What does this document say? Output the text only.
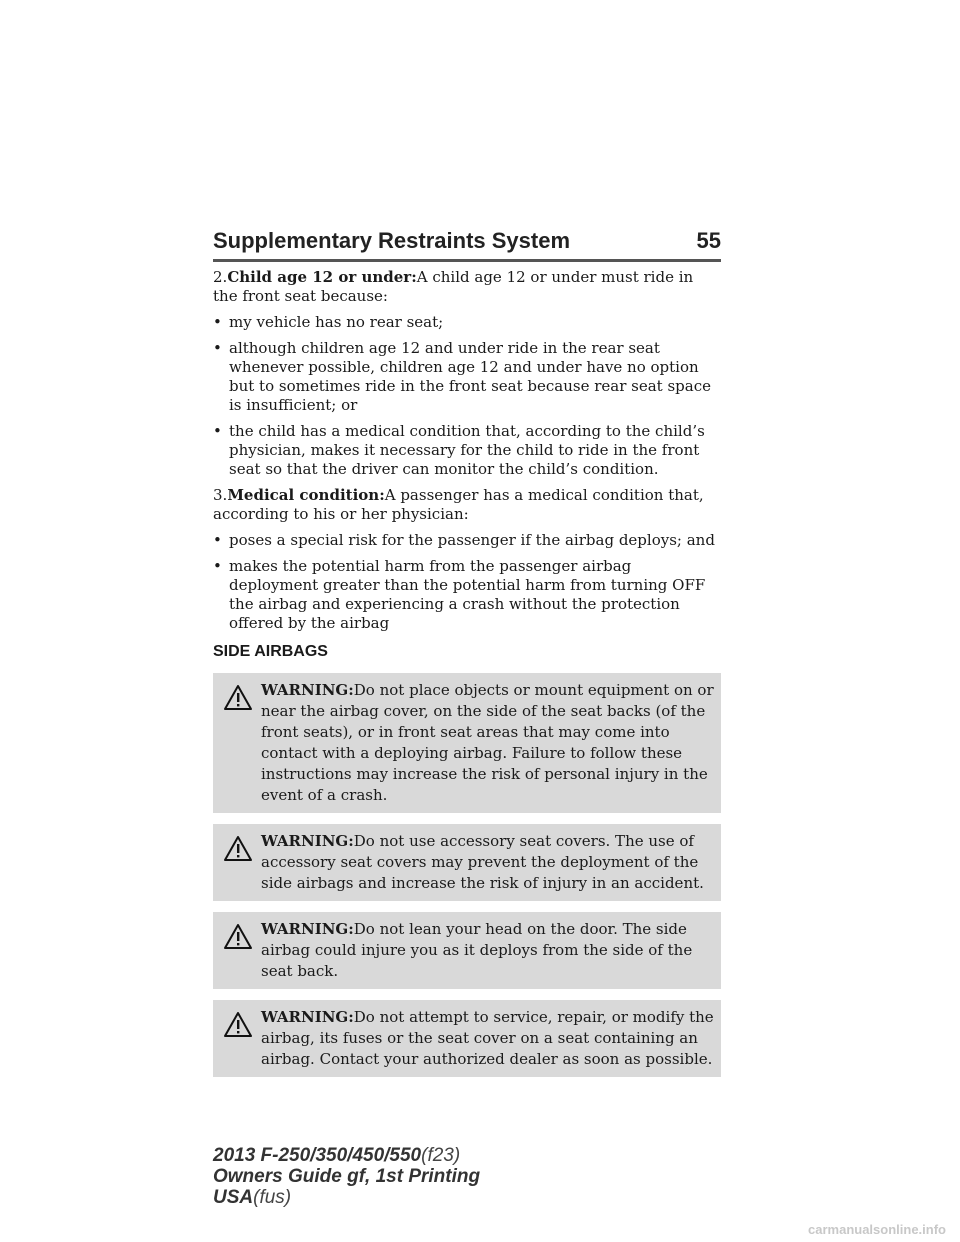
Supplementary Restraints System	55

2.Child age 12 or under:A child age 12 or under must ride in the front seat because:

• my vehicle has no rear seat;
• although children age 12 and under ride in the rear seat whenever possible, children age 12 and under have no option but to sometimes ride in the front seat because rear seat space is insufficient; or
• the child has a medical condition that, according to the child’s physician, makes it necessary for the child to ride in the front seat so that the driver can monitor the child’s condition.

3.Medical condition:A passenger has a medical condition that, according to his or her physician:

• poses a special risk for the passenger if the airbag deploys; and
• makes the potential harm from the passenger airbag deployment greater than the potential harm from turning OFF the airbag and experiencing a crash without the protection offered by the airbag
SIDE AIRBAGS
WARNING:Do not place objects or mount equipment on or near the airbag cover, on the side of the seat backs (of the front seats), or in front seat areas that may come into contact with a deploying airbag. Failure to follow these instructions may increase the risk of personal injury in the event of a crash.
WARNING:Do not use accessory seat covers. The use of accessory seat covers may prevent the deployment of the side airbags and increase the risk of injury in an accident.
WARNING:Do not lean your head on the door. The side airbag could injure you as it deploys from the side of the seat back.
WARNING:Do not attempt to service, repair, or modify the airbag, its fuses or the seat cover on a seat containing an airbag. Contact your authorized dealer as soon as possible.
2013 F-250/350/450/550(f23)
Owners Guide gf, 1st Printing
USA(fus)
carmanualsonline.info
